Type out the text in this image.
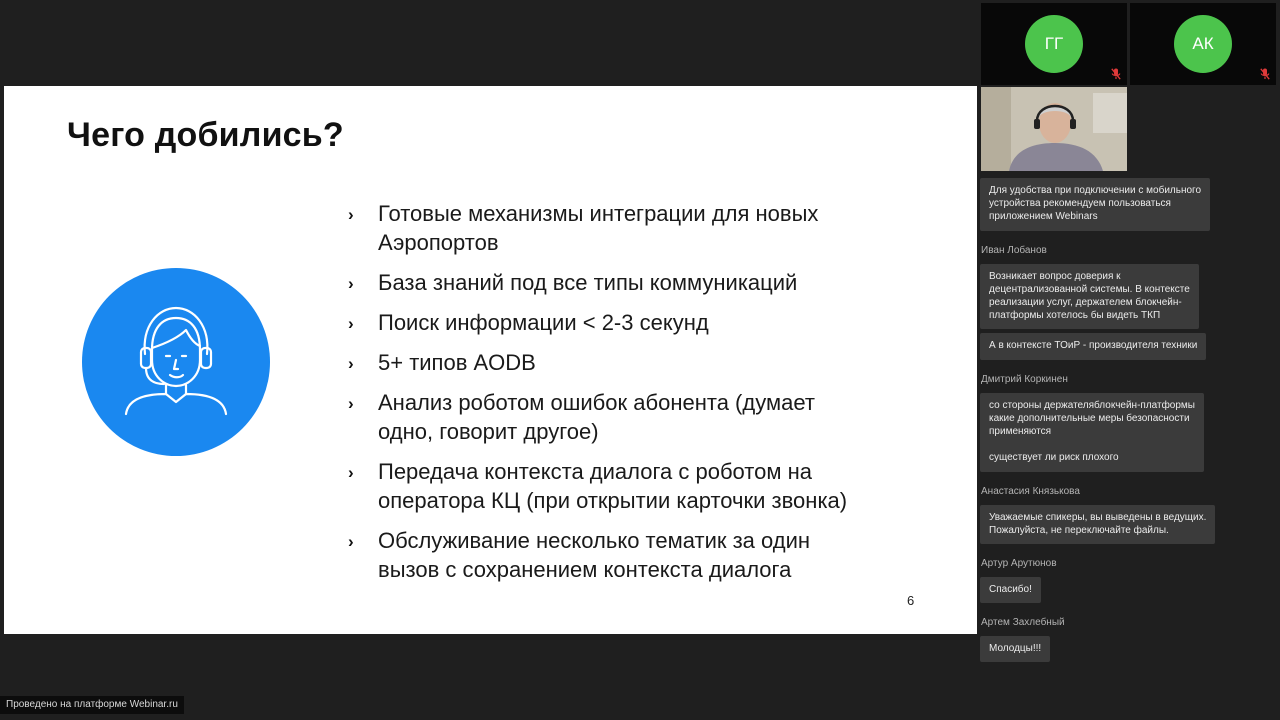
Чего добились?
› Готовые механизмы интеграции для новых
Аэропортов
› База знаний под все типы коммуникаций
› Поиск информации < 2-3 секунд
› 5+ типов AODB
› Анализ роботом ошибок абонента (думает
одно, говорит другое)
› Передача контекста диалога с роботом на
оператора КЦ (при открытии карточки звонка)
› Обслуживание несколько тематик за один
вызов с сохранением контекста диалога
6
ГГ	АК
Для удобства при подключении с мобильного
устройства рекомендуем пользоваться
приложением Webinars
Иван Лобанов
Возникает вопрос доверия к
децентрализованной системы. В контексте
реализации услуг, держателем блокчейн-
платформы хотелось бы видеть ТКП
А в контексте ТОиР - производителя техники
Дмитрий Коркинен
со стороны держателяблокчейн-платформы
какие дополнительные меры безопасности
применяются

существует ли риск плохого
Анастасия Князькова
Уважаемые спикеры, вы выведены в ведущих.
Пожалуйста, не переключайте файлы.
Артур Арутюнов
Спасибо!
Артем Захлебный
Молодцы!!!
Проведено на платформе Webinar.ru
